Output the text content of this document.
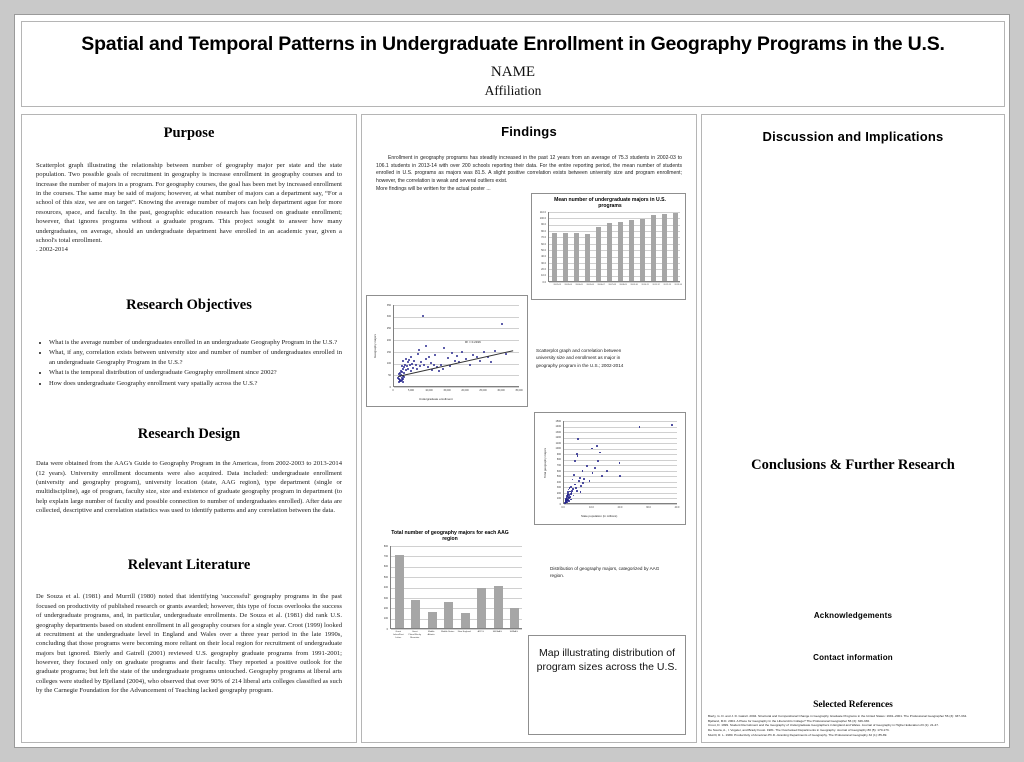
Spatial and Temporal Patterns in Undergraduate Enrollment in Geography Programs in the U.S.
NAME
Affiliation
Purpose
Scatterplot graph illustrating the relationship between number of geography major per state and the state population. Two possible goals of recruitment in geography is increase enrollment in geography courses and to increase the number of majors in a program. For geography courses, the goal has been met by increased enrollment in the courses. The same may be said of majors; however, at what number of majors can a department say, “For a school of this size, we are on target”. Knowing the average number of majors can help department ague for more resources, space, and faculty. In the past, geographic education research has focused on graduate enrollment; however, that ignores programs without a graduate program. This project sought to answer how many undergraduates, on average, should an undergraduate department have enrolled in an academic year, given a school's total enrollment.
. 2002-2014
Research Objectives
• What is the average number of undergraduates enrolled in an undergraduate Geography Program in the U.S.?
• What, if any, correlation exists between university size and number of number of undergraduates enrolled in an undergraduate Geography Program in the U.S.?
• What is the temporal distribution of undergraduate Geography enrollment since 2002?
• How does undergraduate Geography enrollment vary spatially across the U.S.?
Research Design
Data were obtained from the AAG's Guide to Geography Program in the Americas, from 2002-2003 to 2013-2014 (12 years). University enrollment documents were also acquired. Data included: undergraduate enrollment (university and geography program), university location (state, AAG region), type department (single or multidiscipline), age of program, faculty size, size and existence of graduate geography program in department (to help explain large number of faculty and possible connection to number of undergraduates enrolled). After data are collected, descriptive and correlation statistics was used to identify patterns and any correlation between the data.
Relevant Literature
De Souza et al. (1981) and Murrill (1980) noted that identifying 'successful' geography programs in the past focused on productivity of published research or grants awarded; however, this type of focus overlooks the success of undergraduate programs, and, in particular, undergraduate enrollments. De Souza et al. (1981) did rank U.S. geography departments based on student enrollment in all geography courses for a single year. Croot (1999) looked at recruitment at the undergraduate level in England and Wales over a three year period in the late 1990s, concluding that those programs were becoming more reliant on their local region for recruitment of undergraduate majors but ignored. Bierly and Gatrell (2001) reviewed U.S. geography graduate programs from 1991-2001; however, they focused only on graduate programs and their faculty. They reported a positive outlook for the graduate programs; but left the state of the undergraduate programs untouched. Geography programs at liberal arts colleges were studied by Bjelland (2004), who observed that over 90% of 214 liberal arts colleges classified as such by the Carnegie Foundation for the Advancement of Teaching lacked geography program.
Findings
Enrollment in geography programs has steadily increased in the past 12 years from an average of 75.3 students in 2002-03 to 106.1 students in 2013-14 with over 200 schools reporting their data. For the entire reporting period, the mean number of students enrolled in U.S. programs as majors was 81.5. A slight positive correlation exists between university size and program enrollment; however, the correlation is weak and several outliers exist.
More findings will be written for the actual poster ...
Mean number of undergraduate majors in U.S. programs
0.0
10.0
20.0
30.0
40.0
50.0
60.0
70.0
80.0
90.0
100.0
110.0
2002-03 2003-04 2004-05 2005-06 2006-07 2007-08 2008-09 2009-10 2010-11 2011-12 2012-13 2013-14
0
50
100
150
200
250
300
350
0	5,000	10,000	15,000	20,000	25,000	30,000	35,000
Geography majors
Undergraduate enrollment
R² = 0.2196
0
100
200
300
400
500
600
700
800
900
1000
1100
1200
1300
1400
1500
0.0	10.0	20.0	30.0	40.0
Total geography majors
State population (in millions)
Scatterplot graph and correlation between university size and enrollment as major in geography program in the U.S.; 2002-2014
Total number of geography majors for each AAG region
0
100
200
300
400
500
600
700
800
Great Lakes/East Lakes
Great Plains/Rocky Mountain
Middle Atlantic
Middle States New England	APCG	SEDAAG	SWAAG
Distribution of geography majors, categorized by AAG region.
Map illustrating distribution of program sizes across the U.S.
Discussion and Implications
Conclusions & Further Research
Acknowledgements
Contact information
Selected References
Bierly, G. D. and J. D. Gatrell. 2004. Structural and Compositional Change in Geography Graduate Programs in the United States: 1991–2001. The Professional Geographer 56 (3): 337-334.
Bjelland, M.D. 2004. A Place for Geography In the Liberal Arts College? The Professional Geographer 56 (3): 326-336.
Croot, D. 1999. Student Recruitment and the Geography of Undergraduate Geographers in England and Wales. Journal of Geography in Higher Education 23 (1): 21-47.
De Souza, A., I. Vogeler, and Brady Foust. 1981. The Overlooked Departments in Geography. Journal of Geography 80 (5): 170-173.
Murrill, R. L. 1980. Productivity of American Ph.D.-Granting Departments of Geography. The Professional Geography 32 (1): 85-89.
